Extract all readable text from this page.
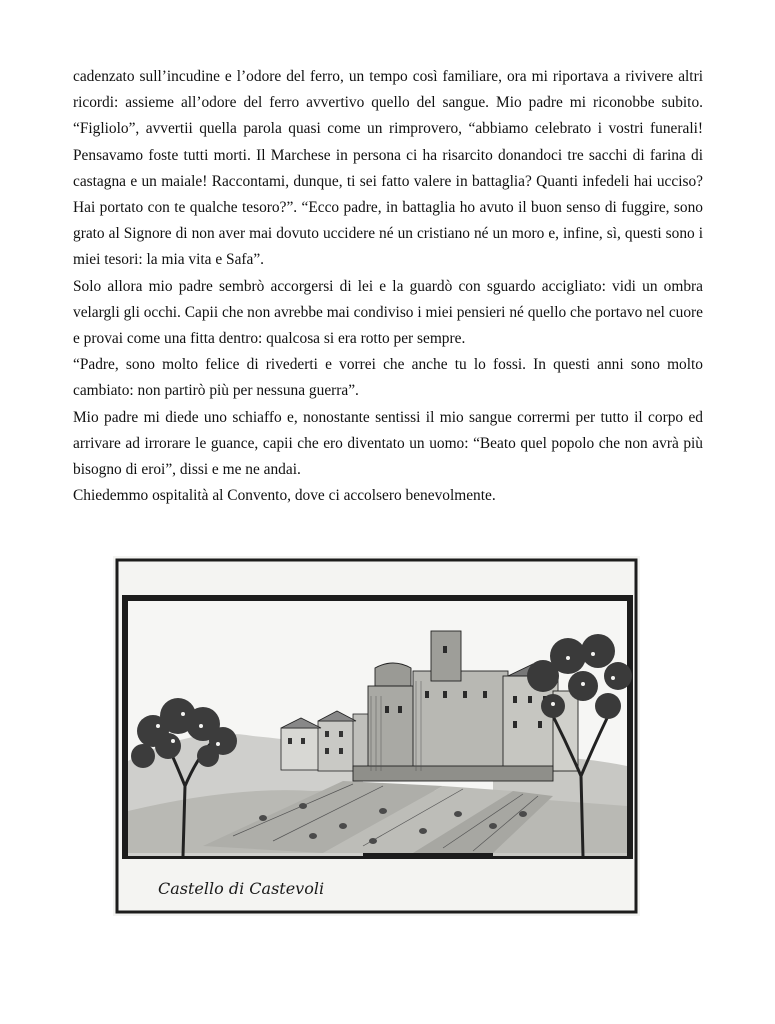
cadenzato sull’incudine e l’odore del ferro, un tempo così familiare, ora mi riportava a rivivere altri ricordi: assieme all’odore del ferro avvertivo quello del sangue. Mio padre mi riconobbe subito. “Figliolo”, avvertii quella parola quasi come un rimprovero, “abbiamo celebrato i vostri funerali! Pensavamo foste tutti morti. Il Marchese in persona ci ha risarcito donandoci tre sacchi di farina di castagna e un maiale! Raccontami, dunque, ti sei fatto valere in battaglia? Quanti infedeli hai ucciso? Hai portato con te qualche tesoro?”. “Ecco padre, in battaglia ho avuto il buon senso di fuggire, sono grato al Signore di non aver mai dovuto uccidere né un cristiano né un moro e, infine, sì, questi sono i miei tesori: la mia vita e Safa”.

Solo allora mio padre sembrò accorgersi di lei e la guardò con sguardo accigliato: vidi un ombra velargli gli occhi. Capii che non avrebbe mai condiviso i miei pensieri né quello che portavo nel cuore e provai come una fitta dentro: qualcosa si era rotto per sempre.

“Padre, sono molto felice di rivederti e vorrei che anche tu lo fossi. In questi anni sono molto cambiato: non partirò più per nessuna guerra”.

Mio padre mi diede uno schiaffo e, nonostante sentissi il mio sangue corrermi per tutto il corpo ed arrivare ad irrorare le guance, capii che ero diventato un uomo: “Beato quel popolo che non avrà più bisogno di eroi”, dissi e me ne andai.

Chiedemmo ospitalità al Convento, dove ci accolsero benevolmente.

Castello di Castevoli
